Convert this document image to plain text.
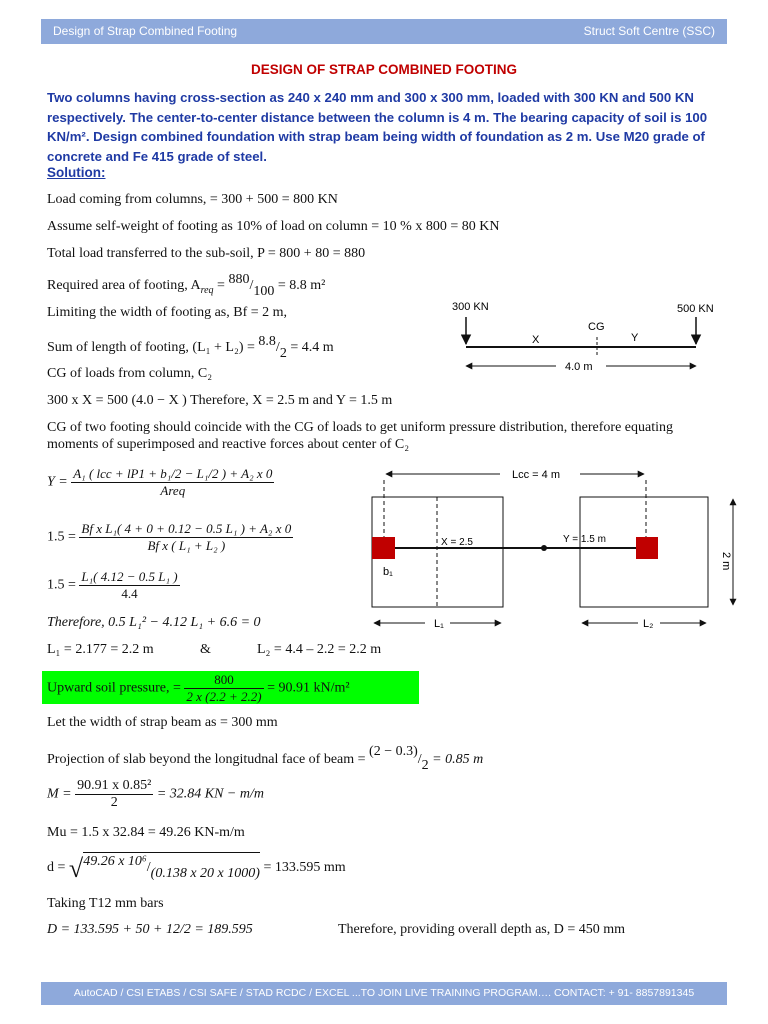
Design of Strap Combined Footing	Struct Soft Centre (SSC)
DESIGN OF STRAP COMBINED FOOTING
Two columns having cross-section as 240 x 240 mm and 300 x 300 mm, loaded with 300 KN and 500 KN respectively. The center-to-center distance between the column is 4 m. The bearing capacity of soil is 100 KN/m². Design combined foundation with strap beam being width of foundation as 2 m. Use M20 grade of concrete and Fe 415 grade of steel.
Solution:
Load coming from columns, = 300 + 500 = 800 KN
Assume self-weight of footing as 10% of load on column = 10 % x 800 = 80 KN
Total load transferred to the sub-soil, P = 800 + 80 = 880
Required area of footing, $A_{req} = 880/100 = 8.8$ m²
Limiting the width of footing as, Bf = 2 m,
Sum of length of footing, (L₁ + L₂) = 8.8/2 = 4.4 m
CG of loads from column, C₂
300 x X = 500 (4.0 − X ) Therefore, X = 2.5 m and Y = 1.5 m
CG of two footing should coincide with the CG of loads to get uniform pressure distribution, therefore equating moments of superimposed and reactive forces about center of C₂
$Y = \frac{\text{A₁ ( lcc + lP1 + b₁/2 − L₁/2 ) + A₂ x 0}}{\text{Areq}}$
$1.5 = \frac{\text{Bf x L₁( 4 + 0 + 0.12 − 0.5 L₁ ) + A₂ x 0}}{\text{Bf x ( L₁ + L₂ )}}$
$1.5 = \frac{\text{L₁( 4.12 − 0.5 L₁ )}}{4.4}$
Therefore, 0.5 L₁² − 4.12 L₁ + 6.6 = 0
L₁ = 2.177 = 2.2 m	&	L₂ = 4.4 – 2.2 = 2.2 m
Upward soil pressure, = $\frac{800}{2 x (2.2 + 2.2)} = 90.91$ kN/m²
Let the width of strap beam as = 300 mm
Projection of slab beyond the longitudnal face of beam = (2 − 0.3)/2 = 0.85 m
$M = \frac{\text{90.91 x 0.85²}}{2} = 32.84$ KN − m/m
Mu = 1.5 x 32.84 = 49.26 KN-m/m
d = √49.26 x 10⁶/(0.138 x 20 x 1000) = 133.595 mm
Taking T12 mm bars
D = 133.595 + 50 + 12/2 = 189.595	Therefore, providing overall depth as, D = 450 mm
300 KN	500 KN
CG
X	Y
4.0 m
Lcc = 4 m
X = 2.5	Y = 1.5 m
b₁
2 m
L₁	L₂
AutoCAD / CSI ETABS / CSI SAFE / STAD RCDC / EXCEL ...TO JOIN LIVE TRAINING PROGRAM…. CONTACT: + 91- 8857891345
